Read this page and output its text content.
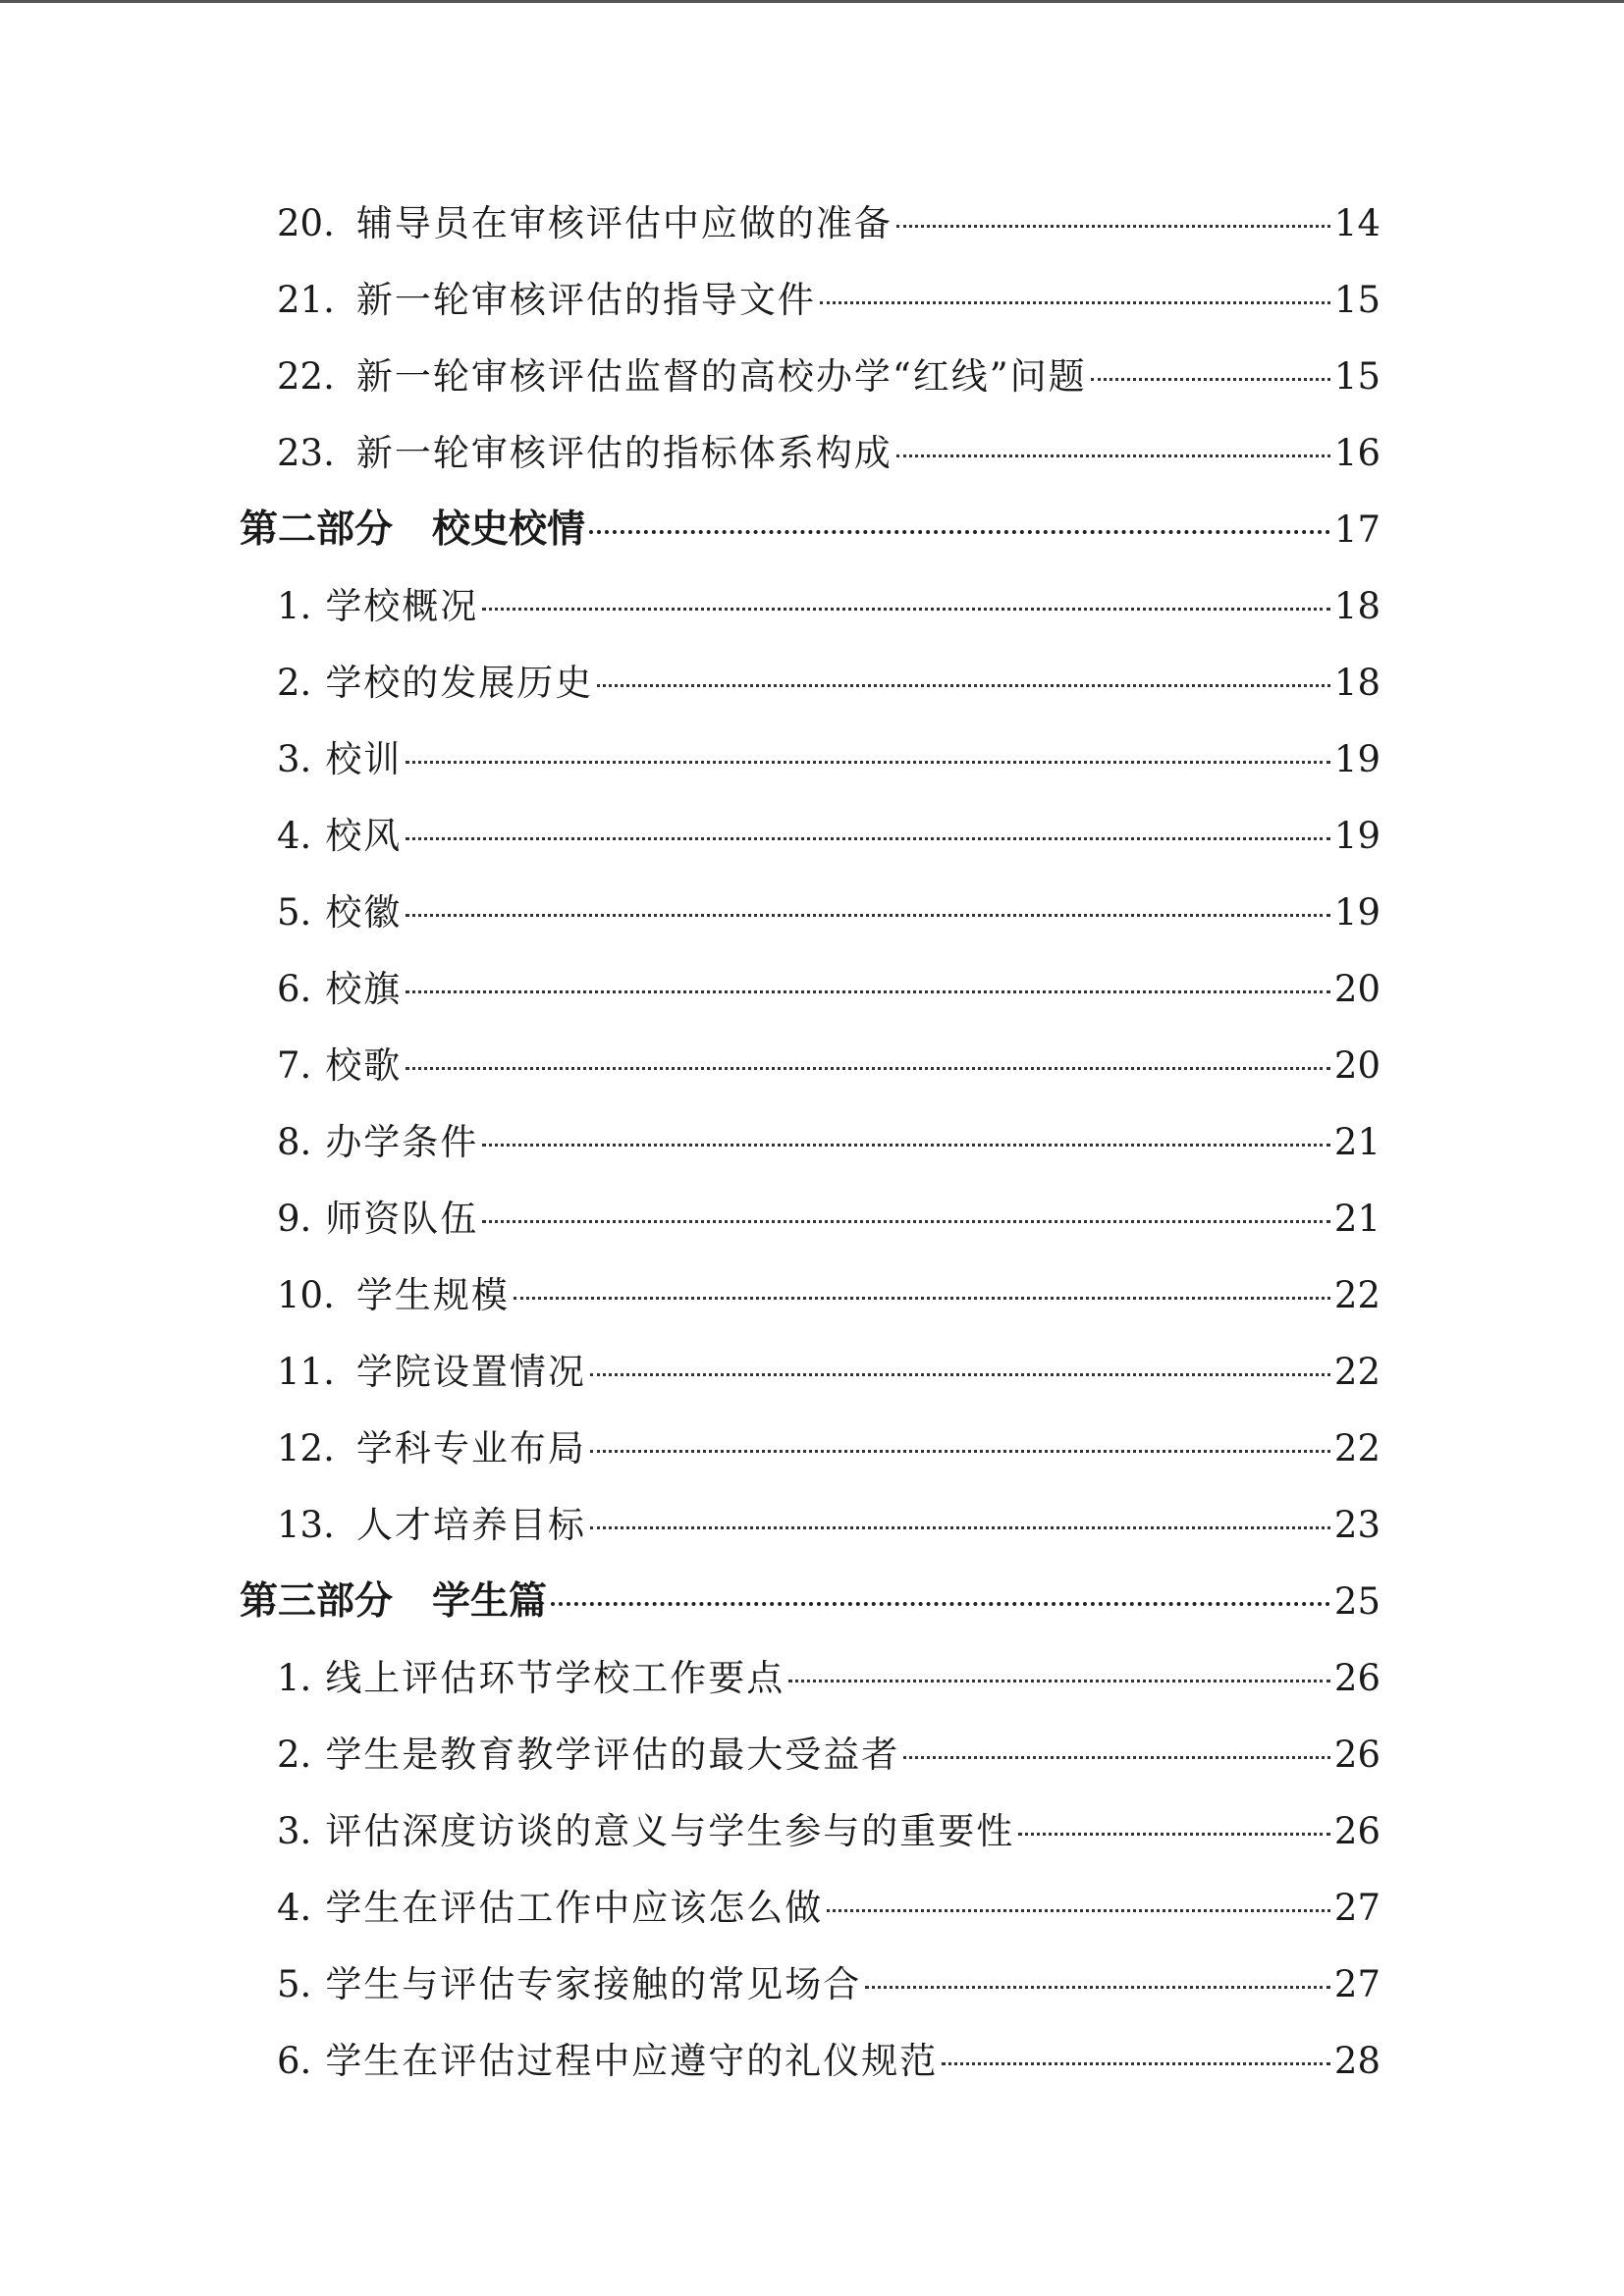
20. 辅导员在审核评估中应做的准备	14
21. 新一轮审核评估的指导文件	15
22. 新一轮审核评估监督的高校办学“红线”问题	15
23. 新一轮审核评估的指标体系构成	16
第二部分 校史校情	17
1. 学校概况	18
2. 学校的发展历史	18
3. 校训	19
4. 校风	19
5. 校徽	19
6. 校旗	20
7. 校歌	20
8. 办学条件	21
9. 师资队伍	21
10. 学生规模	22
11. 学院设置情况	22
12. 学科专业布局	22
13. 人才培养目标	23
第三部分 学生篇	25
1. 线上评估环节学校工作要点	26
2. 学生是教育教学评估的最大受益者	26
3. 评估深度访谈的意义与学生参与的重要性	26
4. 学生在评估工作中应该怎么做	27
5. 学生与评估专家接触的常见场合	27
6. 学生在评估过程中应遵守的礼仪规范	28
